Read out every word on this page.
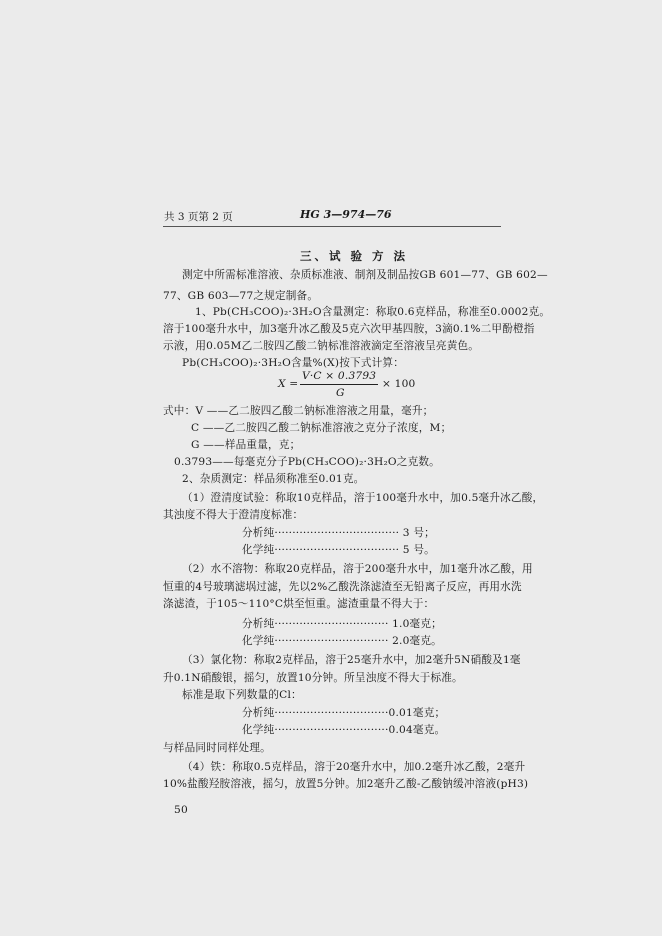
共 3 页第 2 页	HG 3—974—76
三、试 验 方 法
测定中所需标准溶液、杂质标准液、制剂及制品按GB 601—77、GB 602—
77、GB 603—77之规定制备。
1、Pb(CH₃COO)₂·3H₂O含量测定：称取0.6克样品，称准至0.0002克。
溶于100毫升水中，加3毫升冰乙酸及5克六次甲基四胺，3滴0.1%二甲酚橙指
示液，用0.05M乙二胺四乙酸二钠标准溶液滴定至溶液呈亮黄色。
Pb(CH₃COO)₂·3H₂O含量%(X)按下式计算：
X =
V·C × 0.3793
G
× 100
式中：V ——乙二胺四乙酸二钠标准溶液之用量，毫升；
C ——乙二胺四乙酸二钠标准溶液之克分子浓度，M；
G ——样品重量，克；
0.3793——每毫克分子Pb(CH₃COO)₂·3H₂O之克数。
2、杂质测定：样品须称准至0.01克。
（1）澄清度试验：称取10克样品，溶于100毫升水中，加0.5毫升冰乙酸，
其浊度不得大于澄清度标准：
分析纯··································· 3 号；
化学纯··································· 5 号。
（2）水不溶物：称取20克样品，溶于200毫升水中，加1毫升冰乙酸，用
恒重的4号玻璃滤埚过滤，先以2%乙酸洗涤滤渣至无铅离子反应，再用水洗
涤滤渣，于105～110°C烘至恒重。滤渣重量不得大于：
分析纯································ 1.0毫克；
化学纯································ 2.0毫克。
（3）氯化物：称取2克样品，溶于25毫升水中，加2毫升5N硝酸及1毫
升0.1N硝酸银，摇匀，放置10分钟。所呈浊度不得大于标准。
标准是取下列数量的Cl：
分析纯································0.01毫克；
化学纯································0.04毫克。
与样品同时同样处理。
（4）铁：称取0.5克样品，溶于20毫升水中，加0.2毫升冰乙酸，2毫升
10%盐酸羟胺溶液，摇匀，放置5分钟。加2毫升乙酸-乙酸钠缓冲溶液(pH3)
50
